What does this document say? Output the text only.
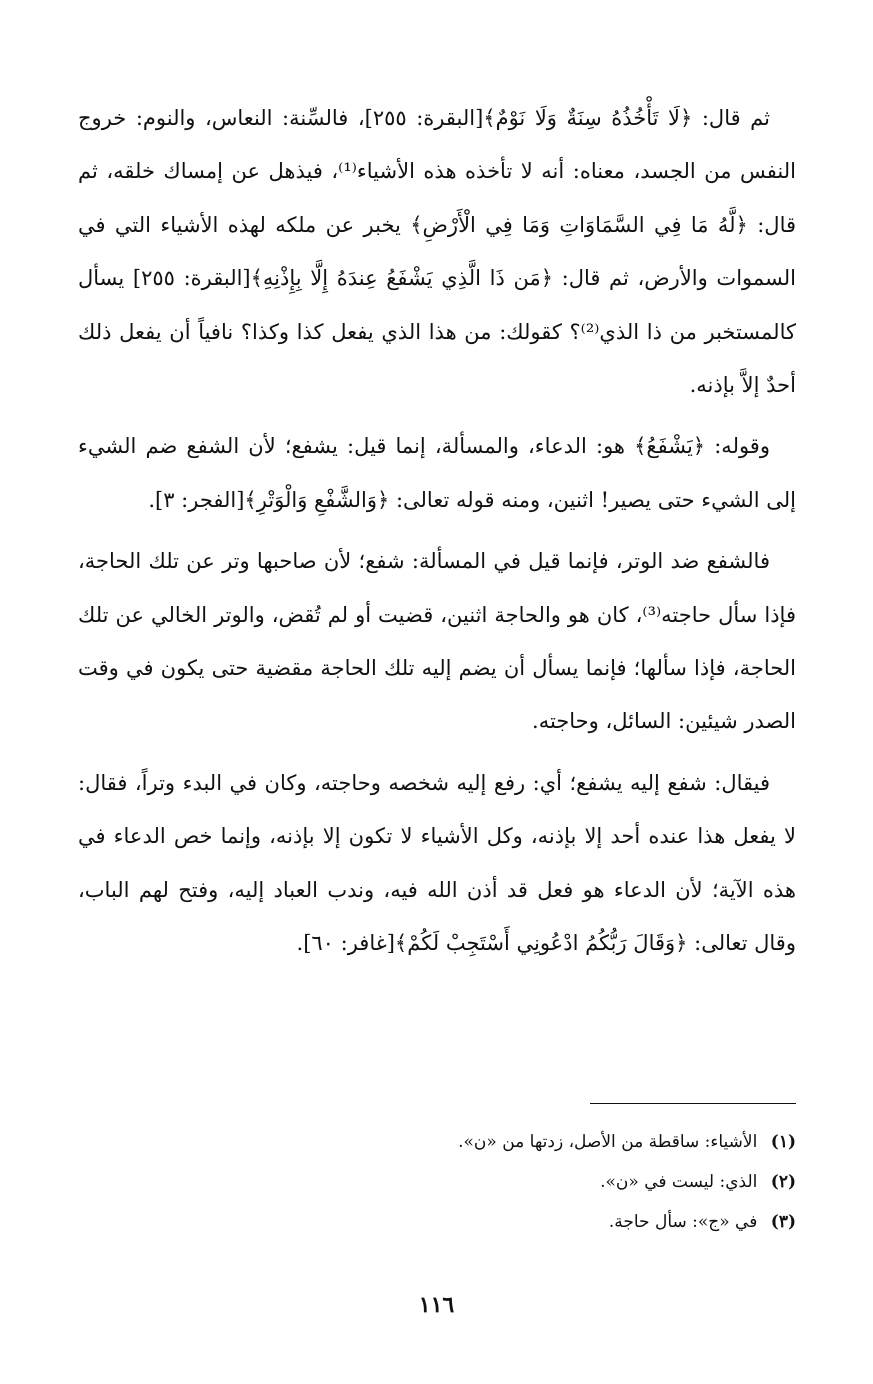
ثم قال: ﴿لَا تَأْخُذُهُ سِنَةٌ وَلَا نَوْمٌ﴾[البقرة: ٢٥٥]، فالسِّنة: النعاس، والنوم: خروج النفس من الجسد، معناه: أنه لا تأخذه هذه الأشياء⁽¹⁾، فيذهل عن إمساك خلقه، ثم قال: ﴿لَّهُ مَا فِي السَّمَاوَاتِ وَمَا فِي الْأَرْضِ﴾ يخبر عن ملكه لهذه الأشياء التي في السموات والأرض، ثم قال: ﴿مَن ذَا الَّذِي يَشْفَعُ عِندَهُ إِلَّا بِإِذْنِهِ﴾[البقرة: ٢٥٥] يسأل كالمستخبر من ذا الذي⁽²⁾؟ كقولك: من هذا الذي يفعل كذا وكذا؟ نافياً أن يفعل ذلك أحدٌ إلاَّ بإذنه.

وقوله: ﴿يَشْفَعُ﴾ هو: الدعاء، والمسألة، إنما قيل: يشفع؛ لأن الشفع ضم الشيء إلى الشيء حتى يصير! اثنين، ومنه قوله تعالى: ﴿وَالشَّفْعِ وَالْوَتْرِ﴾[الفجر: ٣].

فالشفع ضد الوتر، فإنما قيل في المسألة: شفع؛ لأن صاحبها وتر عن تلك الحاجة، فإذا سأل حاجته⁽³⁾، كان هو والحاجة اثنين، قضيت أو لم تُقض، والوتر الخالي عن تلك الحاجة، فإذا سألها؛ فإنما يسأل أن يضم إليه تلك الحاجة مقضية حتى يكون في وقت الصدر شيئين: السائل، وحاجته.

فيقال: شفع إليه يشفع؛ أي: رفع إليه شخصه وحاجته، وكان في البدء وتراً، فقال: لا يفعل هذا عنده أحد إلا بإذنه، وكل الأشياء لا تكون إلا بإذنه، وإنما خص الدعاء في هذه الآية؛ لأن الدعاء هو فعل قد أذن الله فيه، وندب العباد إليه، وفتح لهم الباب، وقال تعالى: ﴿وَقَالَ رَبُّكُمُ ادْعُونِي أَسْتَجِبْ لَكُمْ﴾[غافر: ٦٠].

(١) الأشياء: ساقطة من الأصل، زدتها من «ن».

(٢) الذي: ليست في «ن».

(٣) في «ج»: سأل حاجة.

١١٦
